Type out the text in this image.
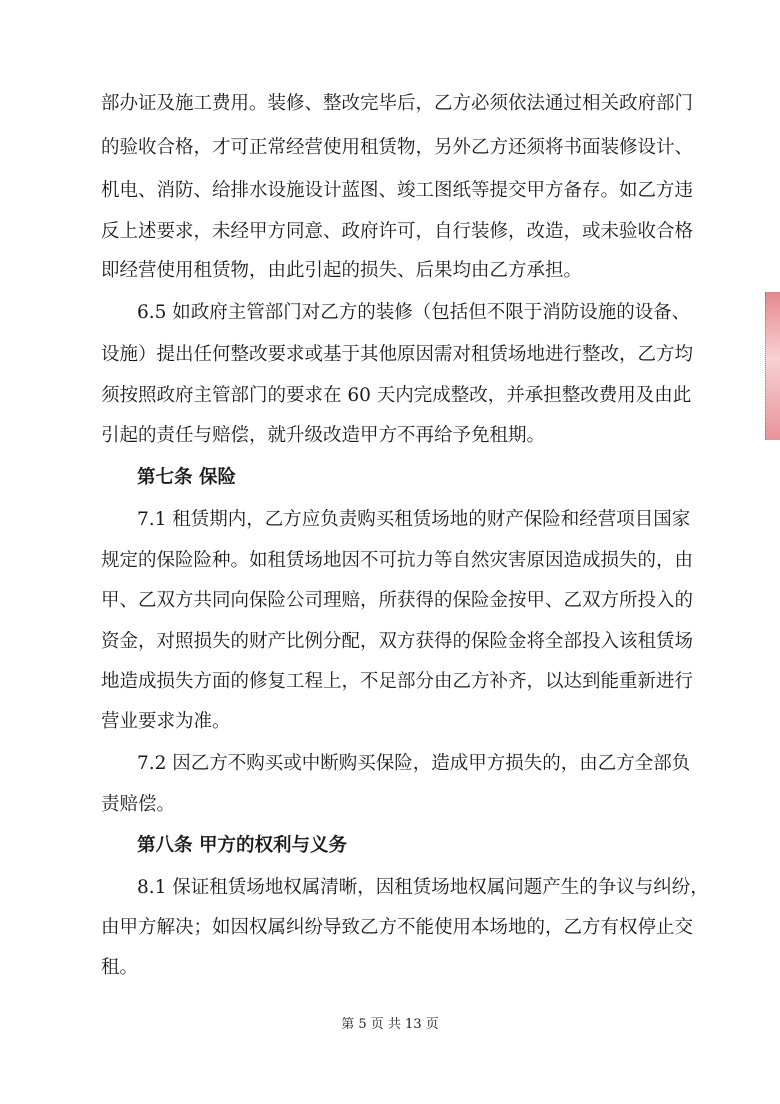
部办证及施工费用。装修、整改完毕后，乙方必须依法通过相关政府部门
的验收合格，才可正常经营使用租赁物，另外乙方还须将书面装修设计、
机电、消防、给排水设施设计蓝图、竣工图纸等提交甲方备存。如乙方违
反上述要求，未经甲方同意、政府许可，自行装修，改造，或未验收合格
即经营使用租赁物，由此引起的损失、后果均由乙方承担。
6.5 如政府主管部门对乙方的装修（包括但不限于消防设施的设备、
设施）提出任何整改要求或基于其他原因需对租赁场地进行整改，乙方均
须按照政府主管部门的要求在 60 天内完成整改，并承担整改费用及由此
引起的责任与赔偿，就升级改造甲方不再给予免租期。
第七条 保险
7.1 租赁期内，乙方应负责购买租赁场地的财产保险和经营项目国家
规定的保险险种。如租赁场地因不可抗力等自然灾害原因造成损失的，由
甲、乙双方共同向保险公司理赔，所获得的保险金按甲、乙双方所投入的
资金，对照损失的财产比例分配，双方获得的保险金将全部投入该租赁场
地造成损失方面的修复工程上，不足部分由乙方补齐，以达到能重新进行
营业要求为准。
7.2 因乙方不购买或中断购买保险，造成甲方损失的，由乙方全部负
责赔偿。
第八条 甲方的权利与义务
8.1 保证租赁场地权属清晰，因租赁场地权属问题产生的争议与纠纷，
由甲方解决；如因权属纠纷导致乙方不能使用本场地的，乙方有权停止交
租。
第 5 页 共 13 页
